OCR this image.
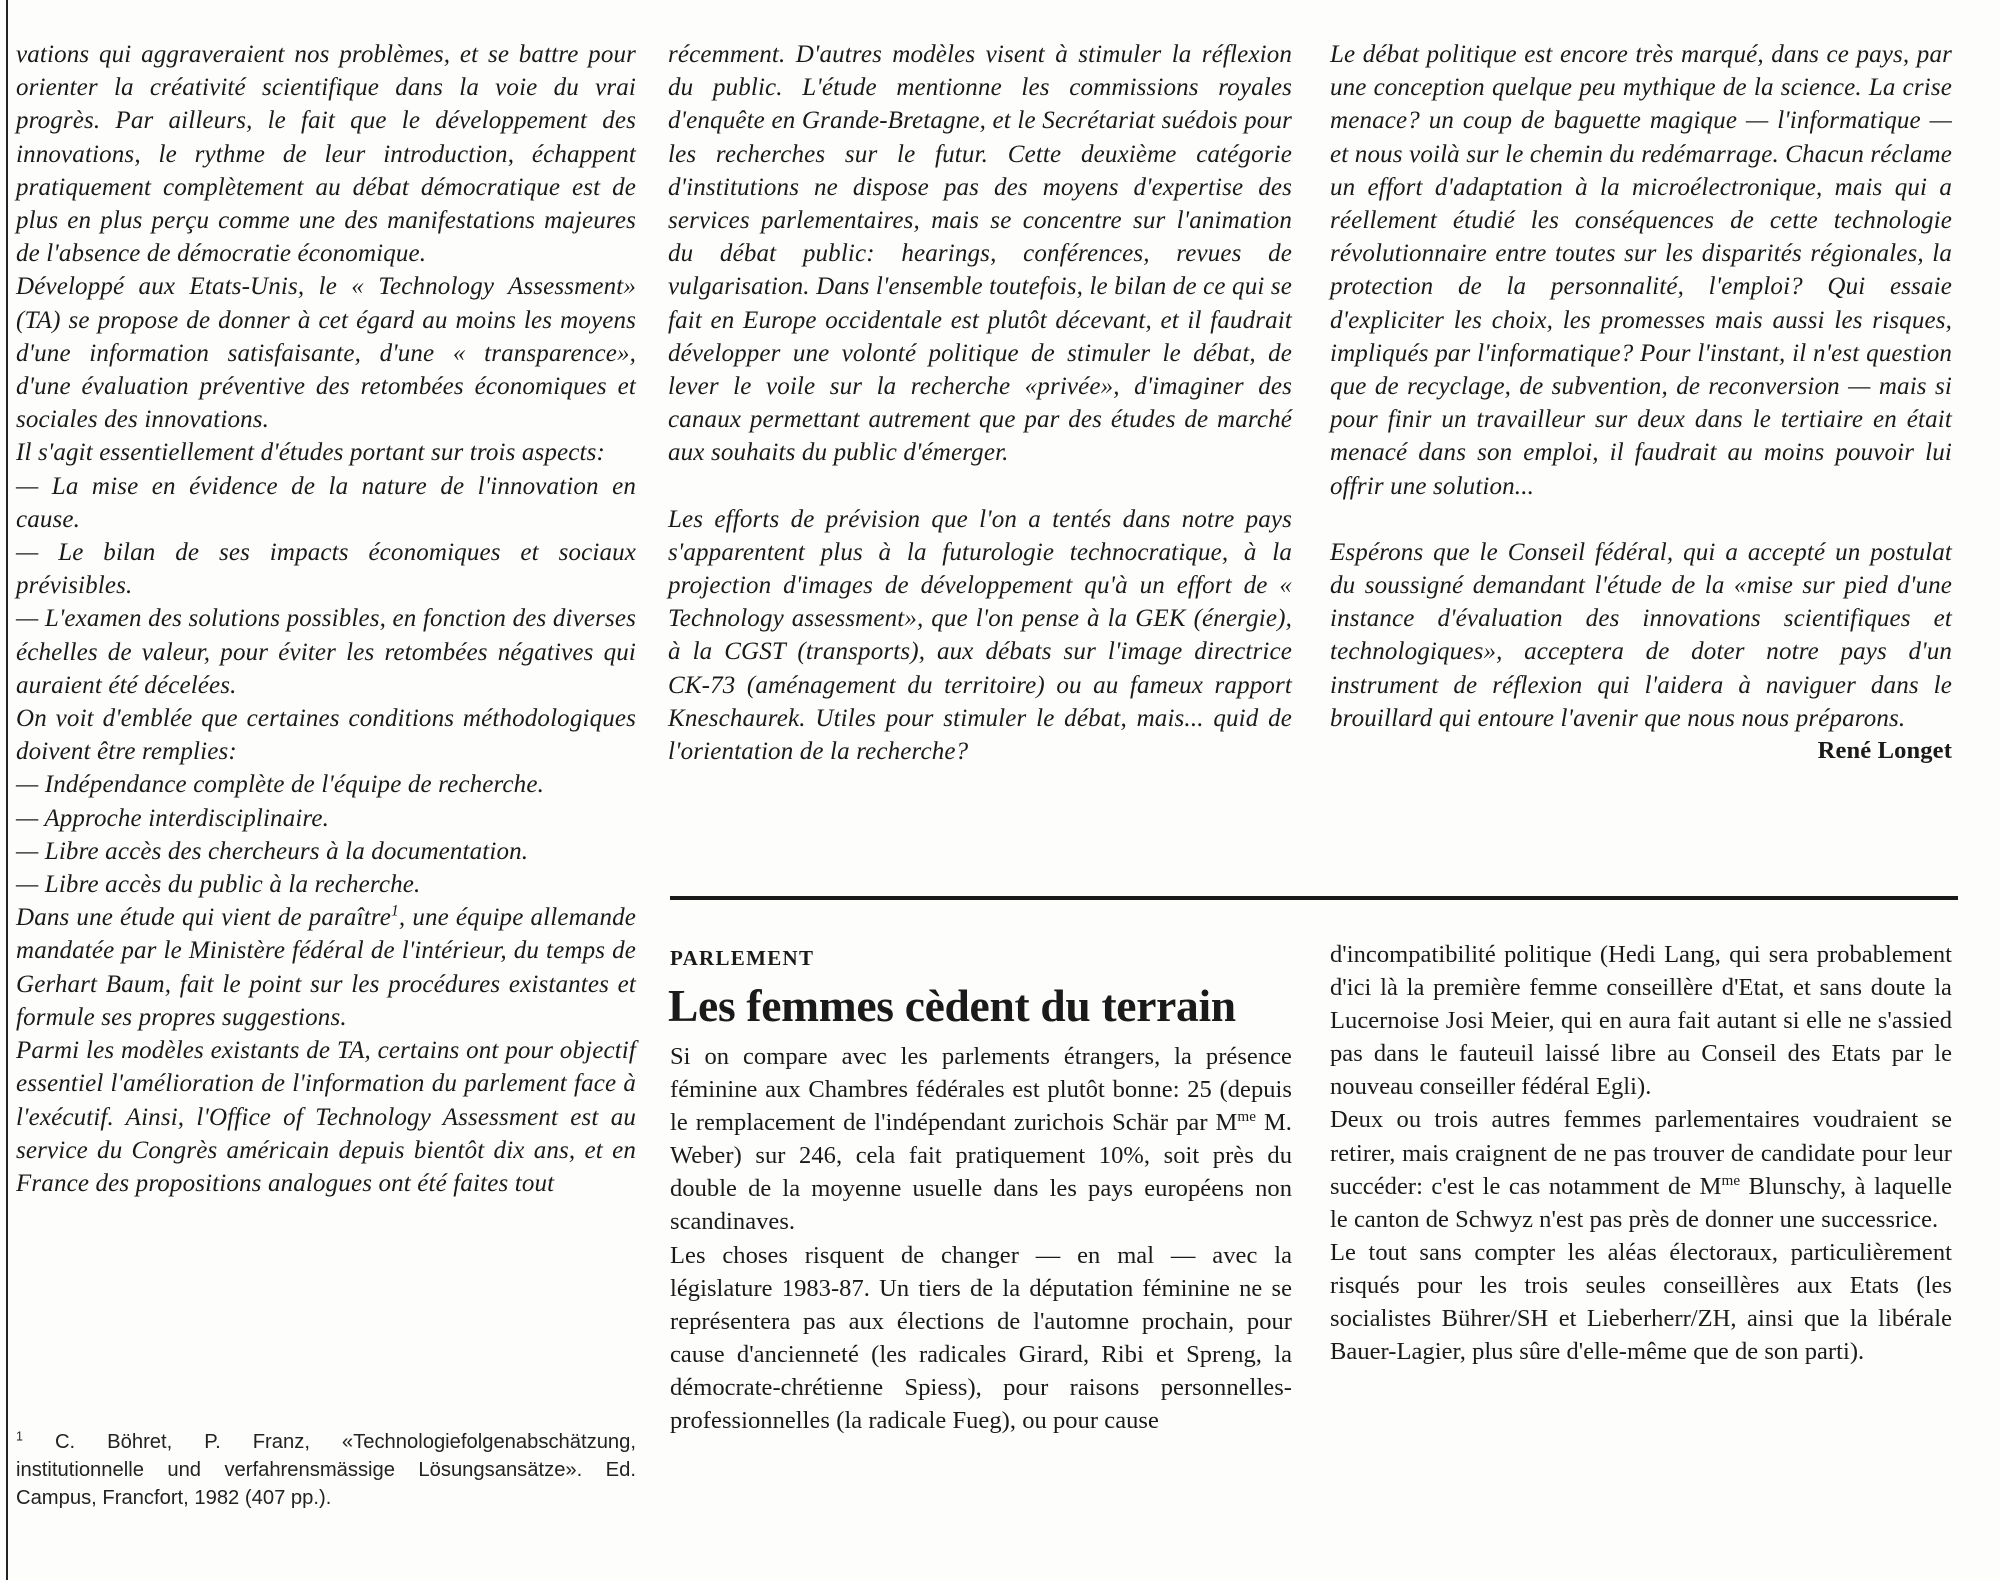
vations qui aggraveraient nos problèmes, et se battre pour orienter la créativité scientifique dans la voie du vrai progrès. Par ailleurs, le fait que le développement des innovations, le rythme de leur introduction, échappent pratiquement complètement au débat démocratique est de plus en plus perçu comme une des manifestations majeures de l'absence de démocratie économique.

Développé aux Etats-Unis, le « Technology Assessment» (TA) se propose de donner à cet égard au moins les moyens d'une information satisfaisante, d'une « transparence», d'une évaluation préventive des retombées économiques et sociales des innovations.

Il s'agit essentiellement d'études portant sur trois aspects:

— La mise en évidence de la nature de l'innovation en cause.

— Le bilan de ses impacts économiques et sociaux prévisibles.

— L'examen des solutions possibles, en fonction des diverses échelles de valeur, pour éviter les retombées négatives qui auraient été décelées.

On voit d'emblée que certaines conditions méthodologiques doivent être remplies:

— Indépendance complète de l'équipe de recherche.

— Approche interdisciplinaire.

— Libre accès des chercheurs à la documentation.

— Libre accès du public à la recherche.

Dans une étude qui vient de paraître$^1$, une équipe allemande mandatée par le Ministère fédéral de l'intérieur, du temps de Gerhart Baum, fait le point sur les procédures existantes et formule ses propres suggestions.

Parmi les modèles existants de TA, certains ont pour objectif essentiel l'amélioration de l'information du parlement face à l'exécutif. Ainsi, l'Office of Technology Assessment est au service du Congrès américain depuis bientôt dix ans, et en France des propositions analogues ont été faites tout

$^1$ C. Böhret, P. Franz, «Technologiefolgenabschätzung, institutionnelle und verfahrensmässige Lösungsansätze». Ed. Campus, Francfort, 1982 (407 pp.).

récemment. D'autres modèles visent à stimuler la réflexion du public. L'étude mentionne les commissions royales d'enquête en Grande-Bretagne, et le Secrétariat suédois pour les recherches sur le futur. Cette deuxième catégorie d'institutions ne dispose pas des moyens d'expertise des services parlementaires, mais se concentre sur l'animation du débat public: hearings, conférences, revues de vulgarisation. Dans l'ensemble toutefois, le bilan de ce qui se fait en Europe occidentale est plutôt décevant, et il faudrait développer une volonté politique de stimuler le débat, de lever le voile sur la recherche «privée», d'imaginer des canaux permettant autrement que par des études de marché aux souhaits du public d'émerger.

Les efforts de prévision que l'on a tentés dans notre pays s'apparentent plus à la futurologie technocratique, à la projection d'images de développement qu'à un effort de « Technology assessment», que l'on pense à la GEK (énergie), à la CGST (transports), aux débats sur l'image directrice CK-73 (aménagement du territoire) ou au fameux rapport Kneschaurek. Utiles pour stimuler le débat, mais... quid de l'orientation de la recherche?

Le débat politique est encore très marqué, dans ce pays, par une conception quelque peu mythique de la science. La crise menace? un coup de baguette magique — l'informatique — et nous voilà sur le chemin du redémarrage. Chacun réclame un effort d'adaptation à la microélectronique, mais qui a réellement étudié les conséquences de cette technologie révolutionnaire entre toutes sur les disparités régionales, la protection de la personnalité, l'emploi? Qui essaie d'expliciter les choix, les promesses mais aussi les risques, impliqués par l'informatique? Pour l'instant, il n'est question que de recyclage, de subvention, de reconversion — mais si pour finir un travailleur sur deux dans le tertiaire en était menacé dans son emploi, il faudrait au moins pouvoir lui offrir une solution...

Espérons que le Conseil fédéral, qui a accepté un postulat du soussigné demandant l'étude de la «mise sur pied d'une instance d'évaluation des innovations scientifiques et technologiques», acceptera de doter notre pays d'un instrument de réflexion qui l'aidera à naviguer dans le brouillard qui entoure l'avenir que nous nous préparons.

René Longet

PARLEMENT
Les femmes cèdent du terrain

Si on compare avec les parlements étrangers, la présence féminine aux Chambres fédérales est plutôt bonne: 25 (depuis le remplacement de l'indépendant zurichois Schär par $M^{me}$ M. Weber) sur 246, cela fait pratiquement 10%, soit près du double de la moyenne usuelle dans les pays européens non scandinaves.

Les choses risquent de changer — en mal — avec la législature 1983-87. Un tiers de la députation féminine ne se représentera pas aux élections de l'automne prochain, pour cause d'ancienneté (les radicales Girard, Ribi et Spreng, la démocrate-chrétienne Spiess), pour raisons personnelles-professionnelles (la radicale Fueg), ou pour cause

d'incompatibilité politique (Hedi Lang, qui sera probablement d'ici là la première femme conseillère d'Etat, et sans doute la Lucernoise Josi Meier, qui en aura fait autant si elle ne s'assied pas dans le fauteuil laissé libre au Conseil des Etats par le nouveau conseiller fédéral Egli).

Deux ou trois autres femmes parlementaires voudraient se retirer, mais craignent de ne pas trouver de candidate pour leur succéder: c'est le cas notamment de $M^{me}$ Blunschy, à laquelle le canton de Schwyz n'est pas près de donner une successrice.

Le tout sans compter les aléas électoraux, particulièrement risqués pour les trois seules conseillères aux Etats (les socialistes Bührer/SH et Lieberherr/ZH, ainsi que la libérale Bauer-Lagier, plus sûre d'elle-même que de son parti).
